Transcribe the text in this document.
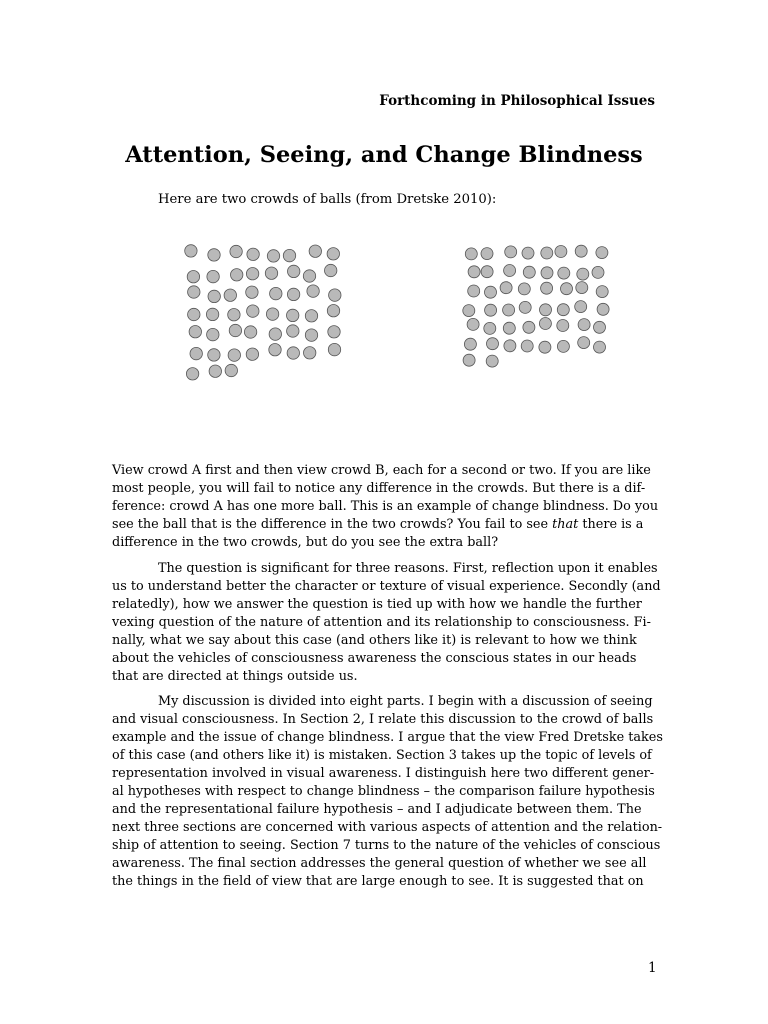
Forthcoming in Philosophical Issues
Attention, Seeing, and Change Blindness
Here are two crowds of balls (from Dretske 2010):

View crowd A first and then view crowd B, each for a second or two. If you are like
most people, you will fail to notice any difference in the crowds. But there is a dif-
ference: crowd A has one more ball. This is an example of change blindness. Do you
see the ball that is the difference in the two crowds? You fail to see that there is a
difference in the two crowds, but do you see the extra ball?

The question is significant for three reasons. First, reflection upon it enables
us to understand better the character or texture of visual experience. Secondly (and
relatedly), how we answer the question is tied up with how we handle the further
vexing question of the nature of attention and its relationship to consciousness. Fi-
nally, what we say about this case (and others like it) is relevant to how we think
about the vehicles of consciousness awareness the conscious states in our heads
that are directed at things outside us.

My discussion is divided into eight parts. I begin with a discussion of seeing
and visual consciousness. In Section 2, I relate this discussion to the crowd of balls
example and the issue of change blindness. I argue that the view Fred Dretske takes
of this case (and others like it) is mistaken. Section 3 takes up the topic of levels of
representation involved in visual awareness. I distinguish here two different gener-
al hypotheses with respect to change blindness – the comparison failure hypothesis
and the representational failure hypothesis – and I adjudicate between them. The
next three sections are concerned with various aspects of attention and the relation-
ship of attention to seeing. Section 7 turns to the nature of the vehicles of conscious
awareness. The final section addresses the general question of whether we see all
the things in the field of view that are large enough to see. It is suggested that on

1
